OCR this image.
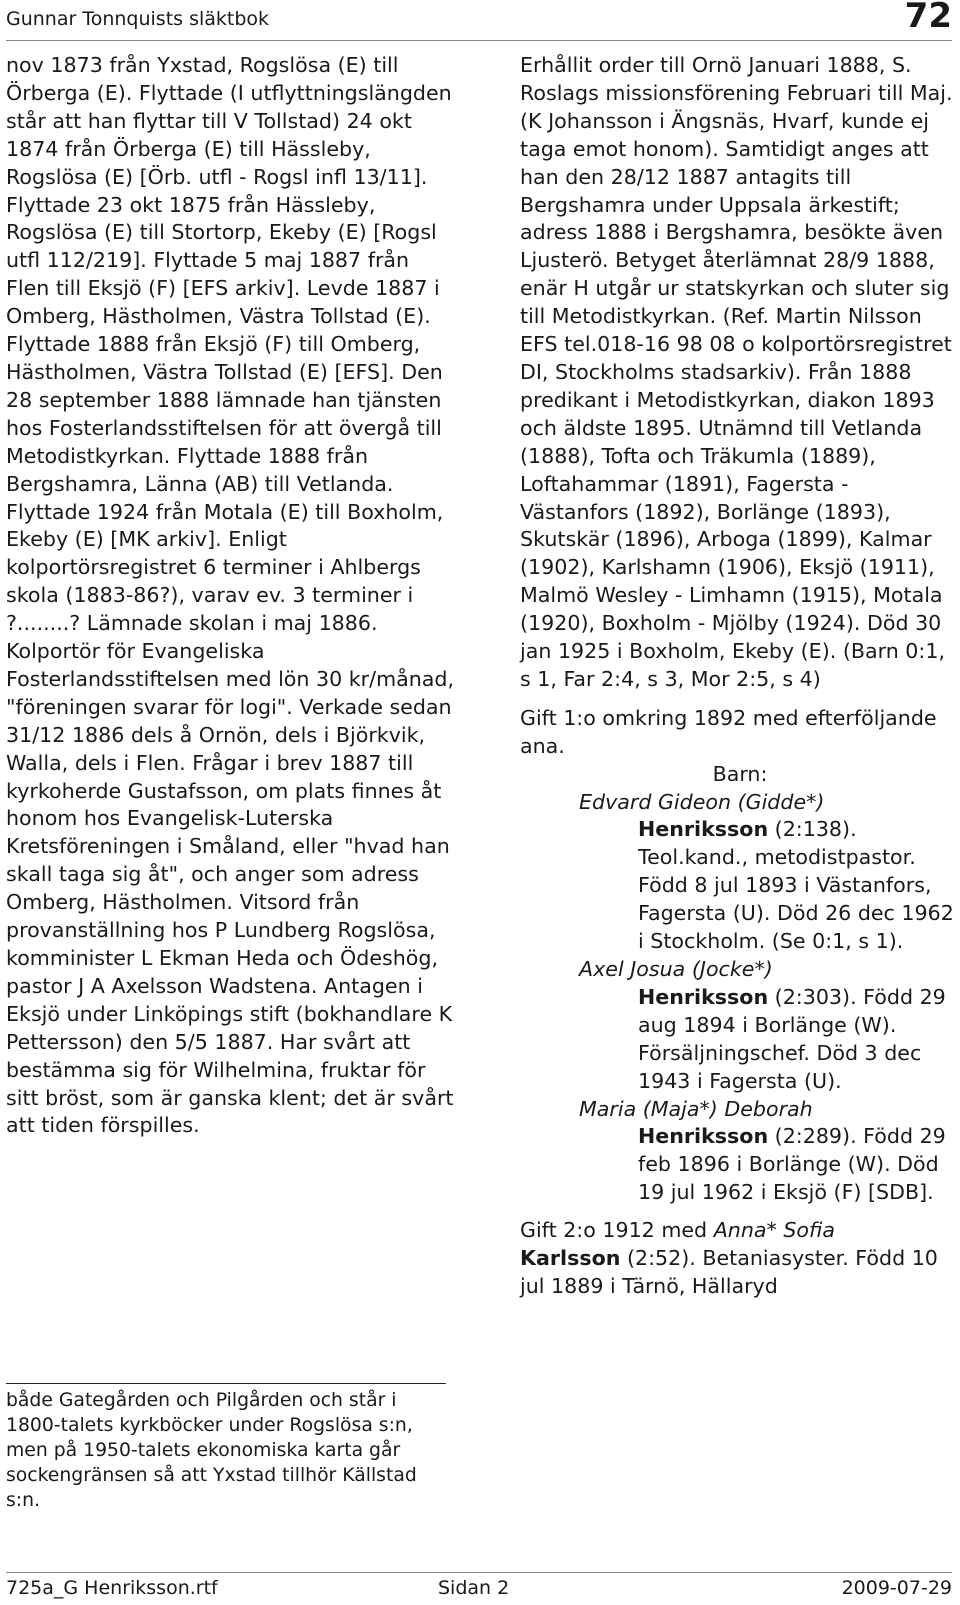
Gunnar Tonnquists släktbok	72

nov 1873 från Yxstad, Rogslösa (E) till Örberga (E). Flyttade (I utflyttningslängden står att han flyttar till V Tollstad) 24 okt 1874 från Örberga (E) till Hässleby, Rogslösa (E) [Örb. utfl - Rogsl infl 13/11]. Flyttade 23 okt 1875 från Hässleby, Rogslösa (E) till Stortorp, Ekeby (E) [Rogsl utfl 112/219]. Flyttade 5 maj 1887 från Flen till Eksjö (F) [EFS arkiv]. Levde 1887 i Omberg, Hästholmen, Västra Tollstad (E). Flyttade 1888 från Eksjö (F) till Omberg, Hästholmen, Västra Tollstad (E) [EFS]. Den 28 september 1888 lämnade han tjänsten hos Fosterlandsstiftelsen för att övergå till Metodistkyrkan. Flyttade 1888 från Bergshamra, Länna (AB) till Vetlanda. Flyttade 1924 från Motala (E) till Boxholm, Ekeby (E) [MK arkiv]. Enligt kolportörsregistret 6 terminer i Ahlbergs skola (1883-86?), varav ev. 3 terminer i ?........? Lämnade skolan i maj 1886. Kolportör för Evangeliska Fosterlandsstiftelsen med lön 30 kr/månad, "föreningen svarar för logi". Verkade sedan 31/12 1886 dels å Ornön, dels i Björkvik, Walla, dels i Flen. Frågar i brev 1887 till kyrkoherde Gustafsson, om plats finnes åt honom hos Evangelisk-Luterska Kretsföreningen i Småland, eller "hvad han skall taga sig åt", och anger som adress Omberg, Hästholmen. Vitsord från provanställning hos P Lundberg Rogslösa, komminister L Ekman Heda och Ödeshög, pastor J A Axelsson Wadstena. Antagen i Eksjö under Linköpings stift (bokhandlare K Pettersson) den 5/5 1887. Har svårt att bestämma sig för Wilhelmina, fruktar för sitt bröst, som är ganska klent; det är svårt att tiden förspilles.

både Gategården och Pilgården och står i 1800-talets kyrkböcker under Rogslösa s:n, men på 1950-talets ekonomiska karta går sockengränsen så att Yxstad tillhör Källstad s:n.

Erhållit order till Ornö Januari 1888, S. Roslags missionsförening Februari till Maj. (K Johansson i Ängsnäs, Hvarf, kunde ej taga emot honom). Samtidigt anges att han den 28/12 1887 antagits till Bergshamra under Uppsala ärkestift; adress 1888 i Bergshamra, besökte även Ljusterö. Betyget återlämnat 28/9 1888, enär H utgår ur statskyrkan och sluter sig till Metodistkyrkan. (Ref. Martin Nilsson EFS tel.018-16 98 08 o kolportörsregistret DI, Stockholms stadsarkiv). Från 1888 predikant i Metodistkyrkan, diakon 1893 och äldste 1895. Utnämnd till Vetlanda (1888), Tofta och Träkumla (1889), Loftahammar (1891), Fagersta - Västanfors (1892), Borlänge (1893), Skutskär (1896), Arboga (1899), Kalmar (1902), Karlshamn (1906), Eksjö (1911), Malmö Wesley - Limhamn (1915), Motala (1920), Boxholm - Mjölby (1924). Död 30 jan 1925 i Boxholm, Ekeby (E). (Barn 0:1, s 1, Far 2:4, s 3, Mor 2:5, s 4)

Gift 1:o omkring 1892 med efterföljande ana.

Barn:

Edvard Gideon (Gidde*)
Henriksson (2:138). Teol.kand., metodistpastor. Född 8 jul 1893 i Västanfors, Fagersta (U). Död 26 dec 1962 i Stockholm. (Se 0:1, s 1).
Axel Josua (Jocke*)
Henriksson (2:303). Född 29 aug 1894 i Borlänge (W). Försäljningschef. Död 3 dec 1943 i Fagersta (U).
Maria (Maja*) Deborah
Henriksson (2:289). Född 29 feb 1896 i Borlänge (W). Död 19 jul 1962 i Eksjö (F) [SDB].

Gift 2:o 1912 med Anna* Sofia
Karlsson (2:52). Betaniasyster. Född 10 jul 1889 i Tärnö, Hällaryd

725a_G Henriksson.rtf	Sidan 2	2009-07-29
